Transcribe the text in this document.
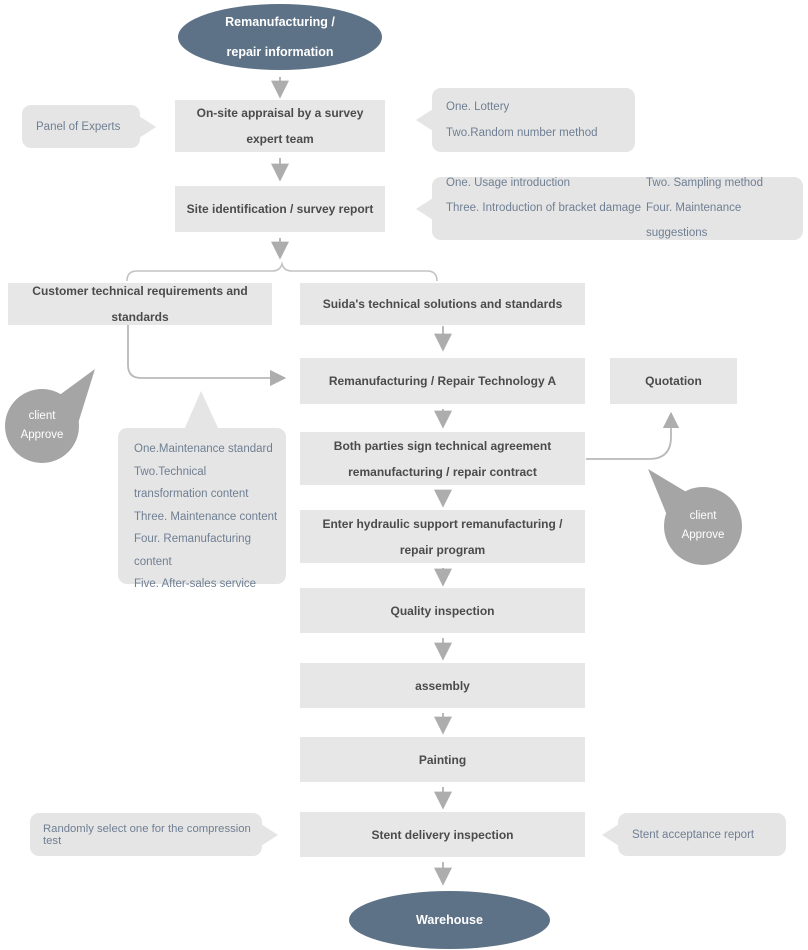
Remanufacturing /
repair information
On-site appraisal by a survey
expert team
Panel of Experts
One. Lottery
Two.Random number method
Site identification / survey report
One. Usage introduction	Two. Sampling method
Three. Introduction of bracket damage Four. Maintenance suggestions
Customer technical requirements and standards
Suida's technical solutions and standards
client
Approve
Remanufacturing / Repair Technology A	Quotation
One.Maintenance standard
Two.Technical transformation content
Three. Maintenance content
Four. Remanufacturing content
Five. After-sales service
Both parties sign technical agreement
remanufacturing / repair contract
client
Approve
Enter hydraulic support remanufacturing /
repair program
Quality inspection
assembly
Painting
Stent delivery inspection
Randomly select one for the compression test	Stent acceptance report
Warehouse
